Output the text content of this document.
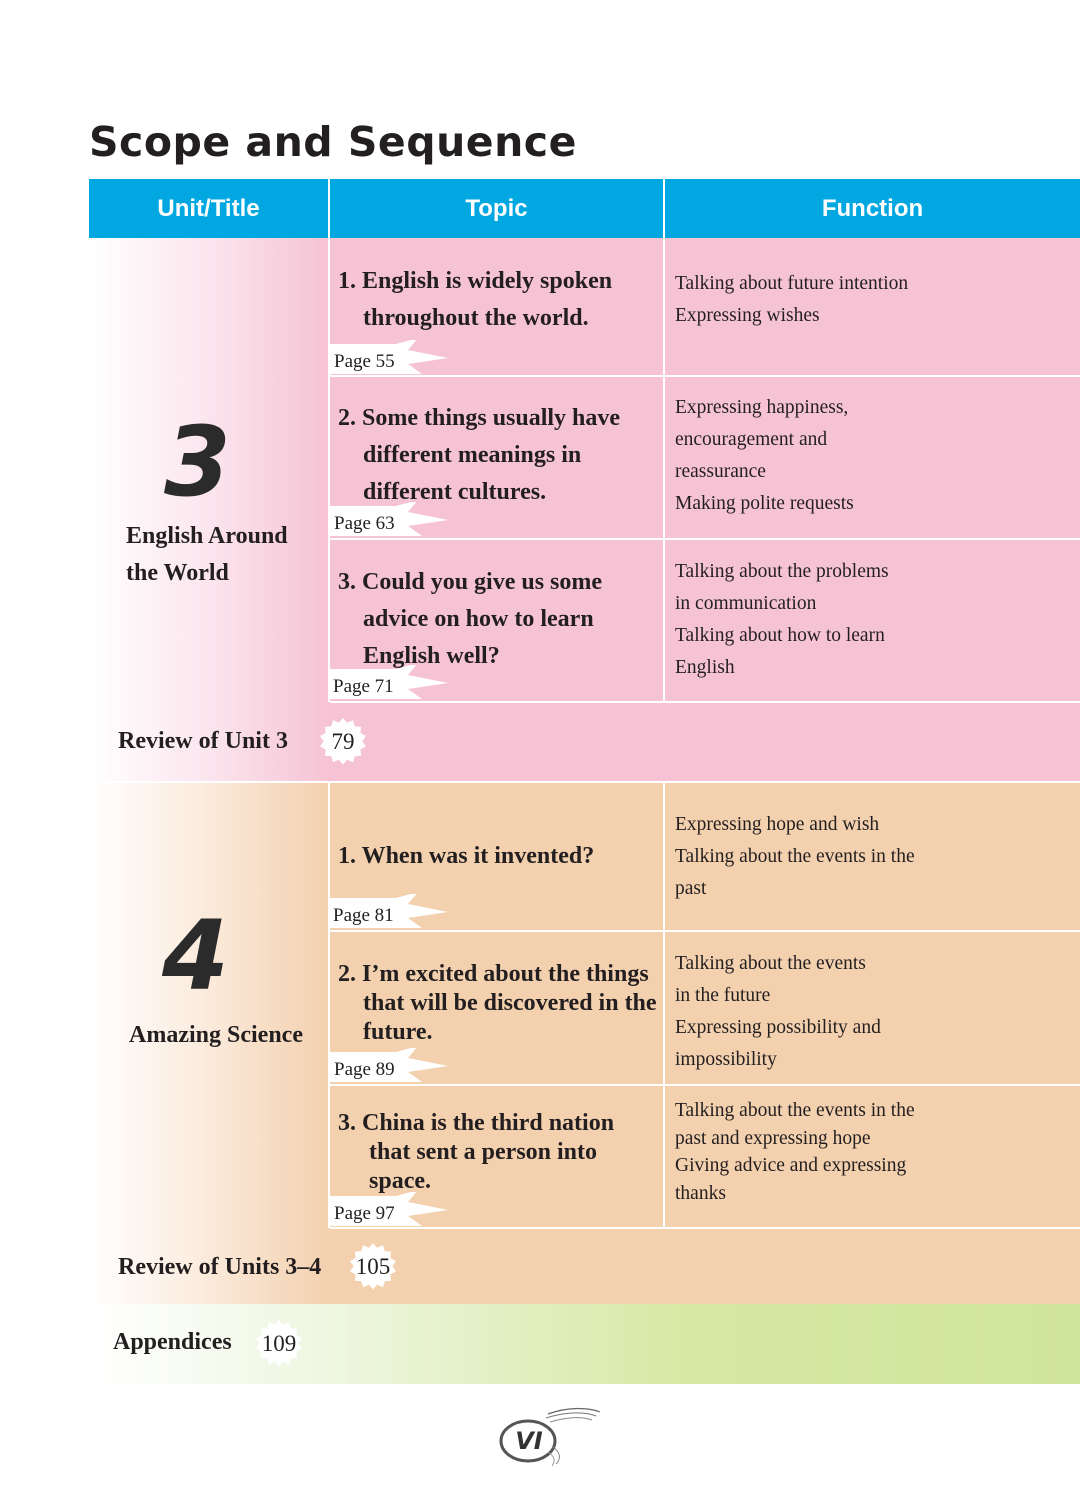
Scope and Sequence
Unit/Title	Topic	Function
3
English Around
the World
1. English is widely spoken
throughout the world.
Page 55
Talking about future intention
Expressing wishes
2. Some things usually have
different meanings in
different cultures.
Page 63
Expressing happiness,
encouragement and
reassurance
Making polite requests
3. Could you give us some
advice on how to learn
English well?
Page 71
Talking about the problems
in communication
Talking about how to learn
English
Review of Unit 3 79
4
Amazing Science
1. When was it invented?
Page 81
Expressing hope and wish
Talking about the events in the
past
2. I’m excited about the things
that will be discovered in the
future.
Page 89
Talking about the events
in the future
Expressing possibility and
impossibility
3. China is the third nation
that sent a person into
space.
Page 97
Talking about the events in the
past and expressing hope
Giving advice and expressing
thanks
Review of Units 3–4 105
Appendices 109
VI
